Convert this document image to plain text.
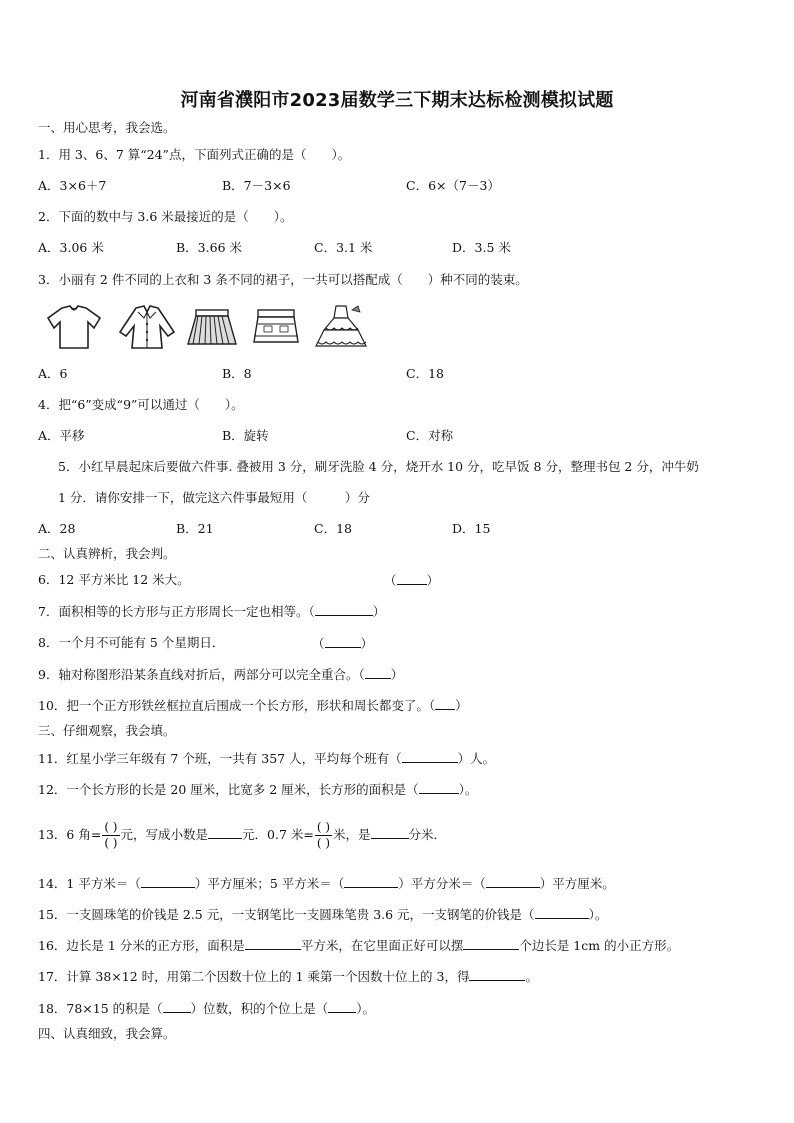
河南省濮阳市2023届数学三下期末达标检测模拟试题
一、用心思考，我会选。
1．用 3、6、7 算“24”点，下面列式正确的是（　　）。
A．3×6＋7	B．7－3×6	C．6×（7－3）
2．下面的数中与 3.6 米最接近的是（　　）。
A．3.06 米	B．3.66 米	C．3.1 米	D．3.5 米
3．小丽有 2 件不同的上衣和 3 条不同的裙子，一共可以搭配成（　　）种不同的装束。
A．6	B．8	C．18
4．把“6”变成“9”可以通过（　　）。
A．平移	B．旋转	C．对称
5．小红早晨起床后要做六件事. 叠被用 3 分，刷牙洗脸 4 分，烧开水 10 分，吃早饭 8 分，整理书包 2 分，冲牛奶
1 分．请你安排一下，做完这六件事最短用（　　　）分
A．28	B．21	C．18	D．15
二、认真辨析，我会判。
6．12 平方米比 12 米大。	（ ）
7．面积相等的长方形与正方形周长一定也相等。（	）
8．一个月不可能有 5 个星期日．	（	）
9．轴对称图形沿某条直线对折后，两部分可以完全重合。（ ）
10．把一个正方形铁丝框拉直后围成一个长方形，形状和周长都变了。（ ）
三、仔细观察，我会填。
11．红星小学三年级有 7 个班，一共有 357 人，平均每个班有（	）人。
12．一个长方形的长是 20 厘米，比宽多 2 厘米，长方形的面积是（	）。
13．6 角= $\frac{( )}{( )}$ 元，写成小数是	元．0.7 米= $\frac{( )}{( )}$ 米，是	分米．
14．1 平方米＝（	）平方厘米；5 平方米＝（	）平方分米＝（	）平方厘米。
15．一支圆珠笔的价钱是 2.5 元，一支钢笔比一支圆珠笔贵 3.6 元，一支钢笔的价钱是（	）。
16．边长是 1 分米的正方形，面积是	平方米，在它里面正好可以摆	个边长是 1cm 的小正方形。
17．计算 38×12 时，用第二个因数十位上的 1 乘第一个因数十位上的 3，得	。
18．78×15 的积是（ ）位数，积的个位上是（ ）。
四、认真细致，我会算。
